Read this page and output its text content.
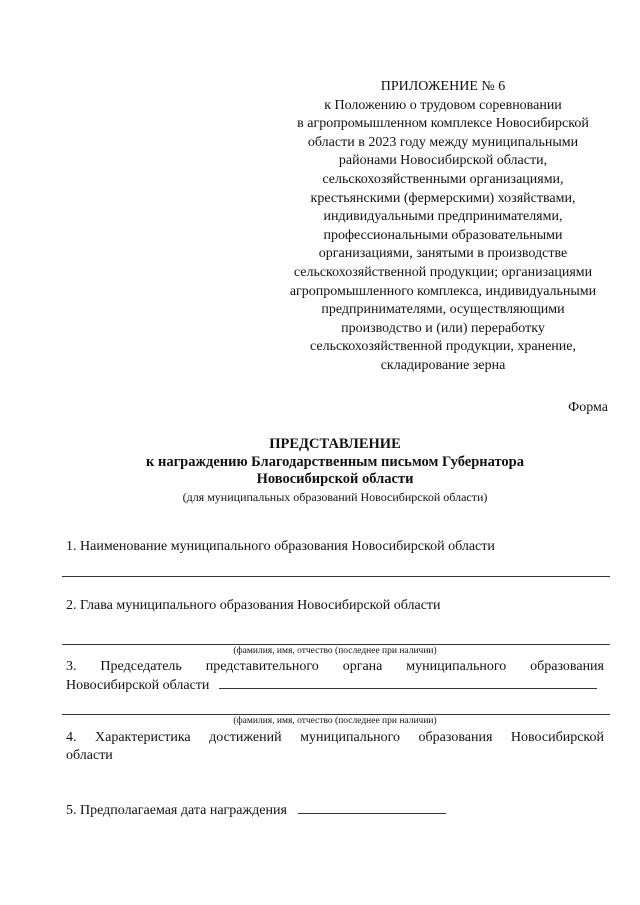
ПРИЛОЖЕНИЕ № 6
к Положению о трудовом соревновании
в агропромышленном комплексе Новосибирской
области в 2023 году между муниципальными
районами Новосибирской области,
сельскохозяйственными организациями,
крестьянскими (фермерскими) хозяйствами,
индивидуальными предпринимателями,
профессиональными образовательными
организациями, занятыми в производстве
сельскохозяйственной продукции; организациями
агропромышленного комплекса, индивидуальными
предпринимателями, осуществляющими
производство и (или) переработку
сельскохозяйственной продукции, хранение,
складирование зерна
Форма
ПРЕДСТАВЛЕНИЕ
к награждению Благодарственным письмом Губернатора
Новосибирской области
(для муниципальных образований Новосибирской области)
1. Наименование муниципального образования Новосибирской области
2. Глава муниципального образования Новосибирской области
(фамилия, имя, отчество (последнее при наличии)
3. Председатель представительного органа муниципального образования
Новосибирской области
(фамилия, имя, отчество (последнее при наличии)
4. Характеристика достижений муниципального образования Новосибирской
области
5. Предполагаемая дата награждения
